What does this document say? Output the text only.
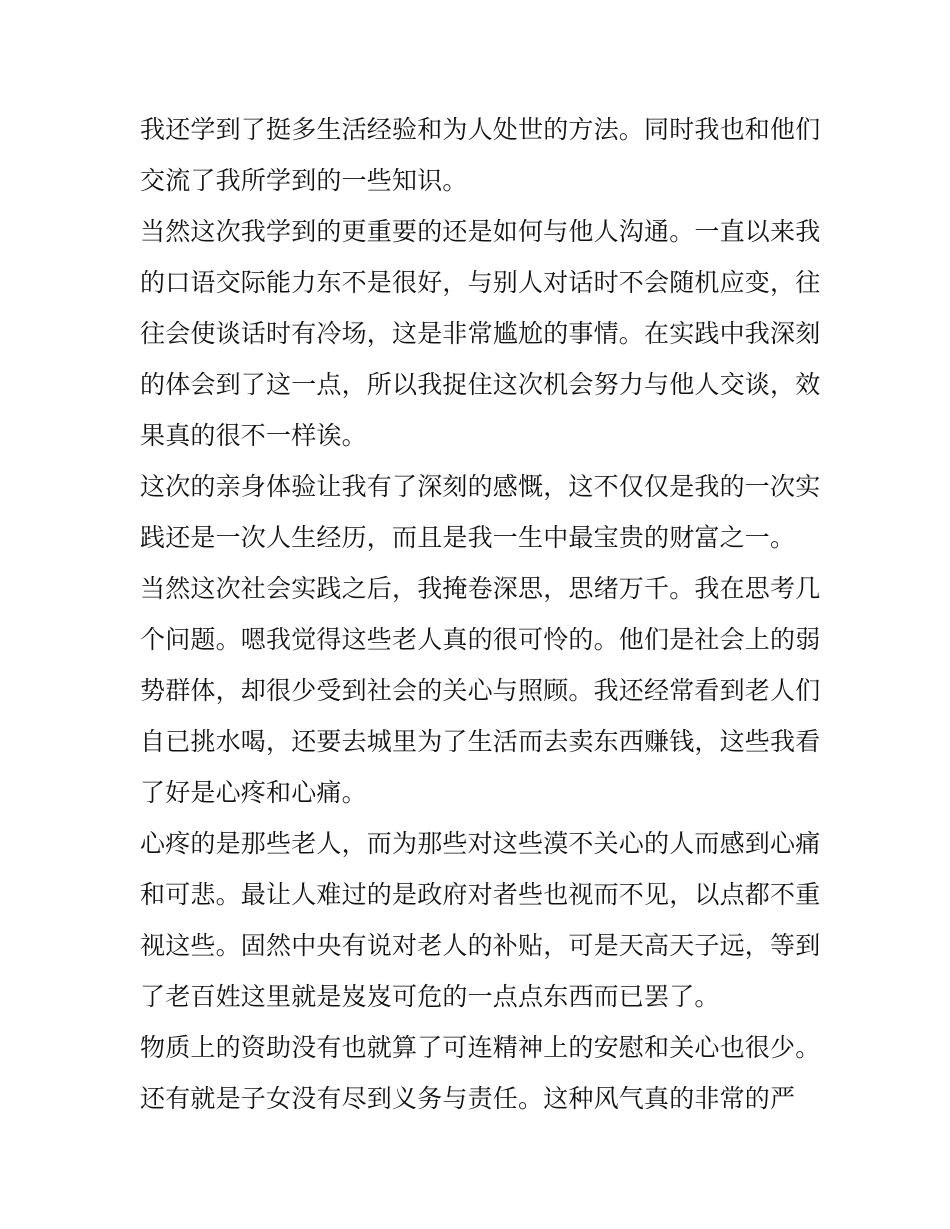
我还学到了挺多生活经验和为人处世的方法。同时我也和他们
交流了我所学到的一些知识。
当然这次我学到的更重要的还是如何与他人沟通。一直以来我
的口语交际能力东不是很好，与别人对话时不会随机应变，往
往会使谈话时有冷场，这是非常尴尬的事情。在实践中我深刻
的体会到了这一点，所以我捉住这次机会努力与他人交谈，效
果真的很不一样诶。
这次的亲身体验让我有了深刻的感慨，这不仅仅是我的一次实
践还是一次人生经历，而且是我一生中最宝贵的财富之一。
当然这次社会实践之后，我掩卷深思，思绪万千。我在思考几
个问题。嗯我觉得这些老人真的很可怜的。他们是社会上的弱
势群体，却很少受到社会的关心与照顾。我还经常看到老人们
自已挑水喝，还要去城里为了生活而去卖东西赚钱，这些我看
了好是心疼和心痛。
心疼的是那些老人，而为那些对这些漠不关心的人而感到心痛
和可悲。最让人难过的是政府对者些也视而不见，以点都不重
视这些。固然中央有说对老人的补贴，可是天高天子远，等到
了老百姓这里就是岌岌可危的一点点东西而已罢了。
物质上的资助没有也就算了可连精神上的安慰和关心也很少。
还有就是子女没有尽到义务与责任。这种风气真的非常的严
